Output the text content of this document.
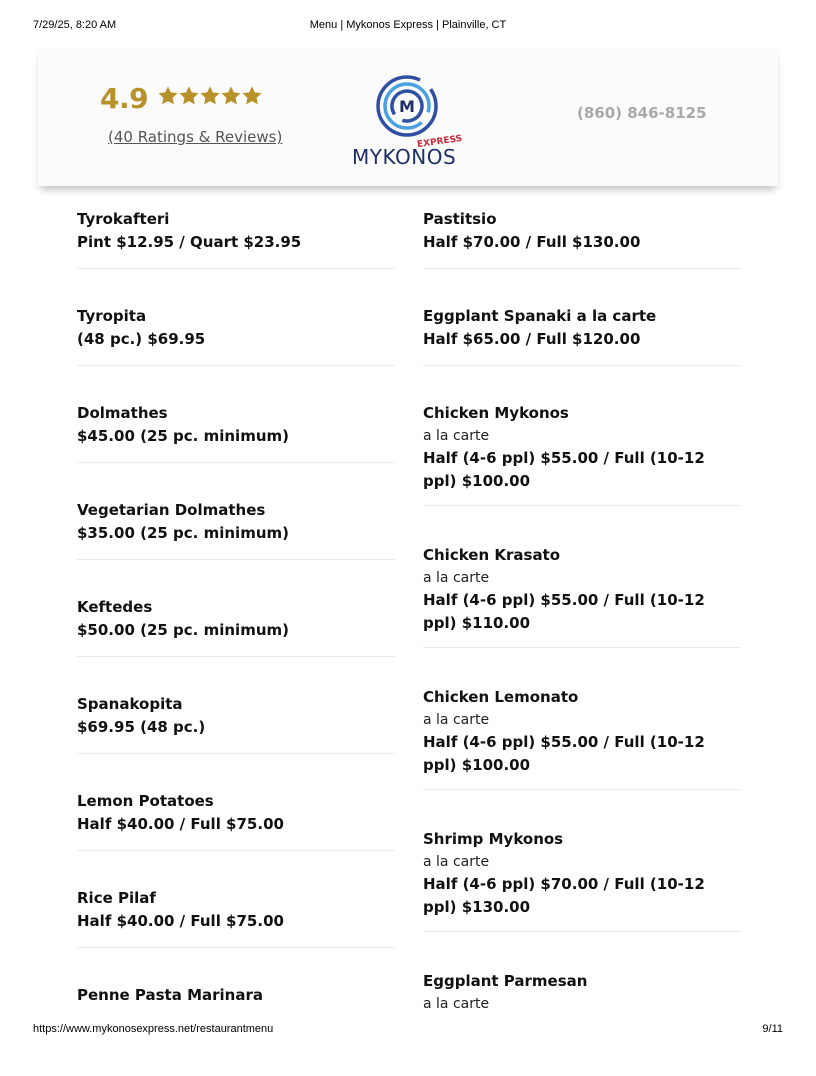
7/29/25, 8:20 AM	Menu | Mykonos Express | Plainville, CT
4.9
(40 Ratings & Reviews)
M
EXPRESS
MYKONOS
(860) 846-8125
Tyrokafteri
Pint $12.95 / Quart $23.95
Tyropita
(48 pc.) $69.95
Dolmathes
$45.00 (25 pc. minimum)
Vegetarian Dolmathes
$35.00 (25 pc. minimum)
Keftedes
$50.00 (25 pc. minimum)
Spanakopita
$69.95 (48 pc.)
Lemon Potatoes
Half $40.00 / Full $75.00
Rice Pilaf
Half $40.00 / Full $75.00
Penne Pasta Marinara
Pastitsio
Half $70.00 / Full $130.00
Eggplant Spanaki a la carte
Half $65.00 / Full $120.00
Chicken Mykonos
a la carte
Half (4-6 ppl) $55.00 / Full (10-12 ppl) $100.00
Chicken Krasato
a la carte
Half (4-6 ppl) $55.00 / Full (10-12 ppl) $110.00
Chicken Lemonato
a la carte
Half (4-6 ppl) $55.00 / Full (10-12 ppl) $100.00
Shrimp Mykonos
a la carte
Half (4-6 ppl) $70.00 / Full (10-12 ppl) $130.00
Eggplant Parmesan
a la carte
https://www.mykonosexpress.net/restaurantmenu	9/11
